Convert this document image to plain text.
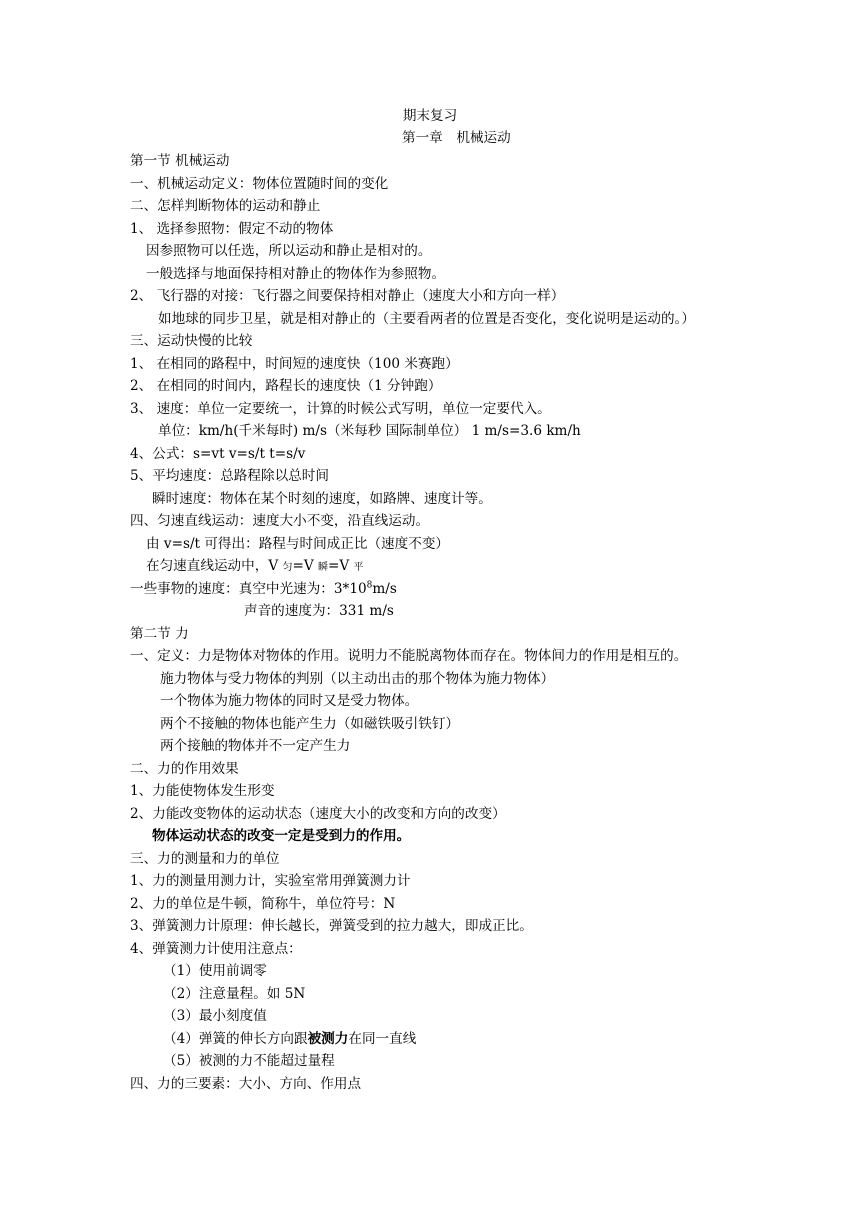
期末复习
第一章　机械运动
第一节 机械运动
一、机械运动定义：物体位置随时间的变化
二、怎样判断物体的运动和静止
1、 选择参照物：假定不动的物体
因参照物可以任选，所以运动和静止是相对的。
一般选择与地面保持相对静止的物体作为参照物。
2、 飞行器的对接：飞行器之间要保持相对静止（速度大小和方向一样）
如地球的同步卫星，就是相对静止的（主要看两者的位置是否变化，变化说明是运动的。）
三、运动快慢的比较
1、 在相同的路程中，时间短的速度快（100 米赛跑）
2、 在相同的时间内，路程长的速度快（1 分钟跑）
3、 速度：单位一定要统一，计算的时候公式写明，单位一定要代入。
单位：km/h(千米每时) m/s（米每秒 国际制单位） 1 m/s=3.6 km/h
4、公式：s=vt v=s/t t=s/v
5、平均速度：总路程除以总时间
瞬时速度：物体在某个时刻的速度，如路牌、速度计等。
四、匀速直线运动：速度大小不变，沿直线运动。
由 v=s/t 可得出：路程与时间成正比（速度不变）
在匀速直线运动中，V 匀=V 瞬=V 平
一些事物的速度：真空中光速为：$3*10^8m/s$
声音的速度为：331 m/s
第二节 力
一、定义：力是物体对物体的作用。说明力不能脱离物体而存在。物体间力的作用是相互的。
施力物体与受力物体的判别（以主动出击的那个物体为施力物体）
一个物体为施力物体的同时又是受力物体。
两个不接触的物体也能产生力（如磁铁吸引铁钉）
两个接触的物体并不一定产生力
二、力的作用效果
1、力能使物体发生形变
2、力能改变物体的运动状态（速度大小的改变和方向的改变）
物体运动状态的改变一定是受到力的作用。
三、力的测量和力的单位
1、力的测量用测力计，实验室常用弹簧测力计
2、力的单位是牛顿，简称牛，单位符号：N
3、弹簧测力计原理：伸长越长，弹簧受到的拉力越大，即成正比。
4、弹簧测力计使用注意点：
（1）使用前调零
（2）注意量程。如 5N
（3）最小刻度值
（4）弹簧的伸长方向跟被测力在同一直线
（5）被测的力不能超过量程
四、力的三要素：大小、方向、作用点
